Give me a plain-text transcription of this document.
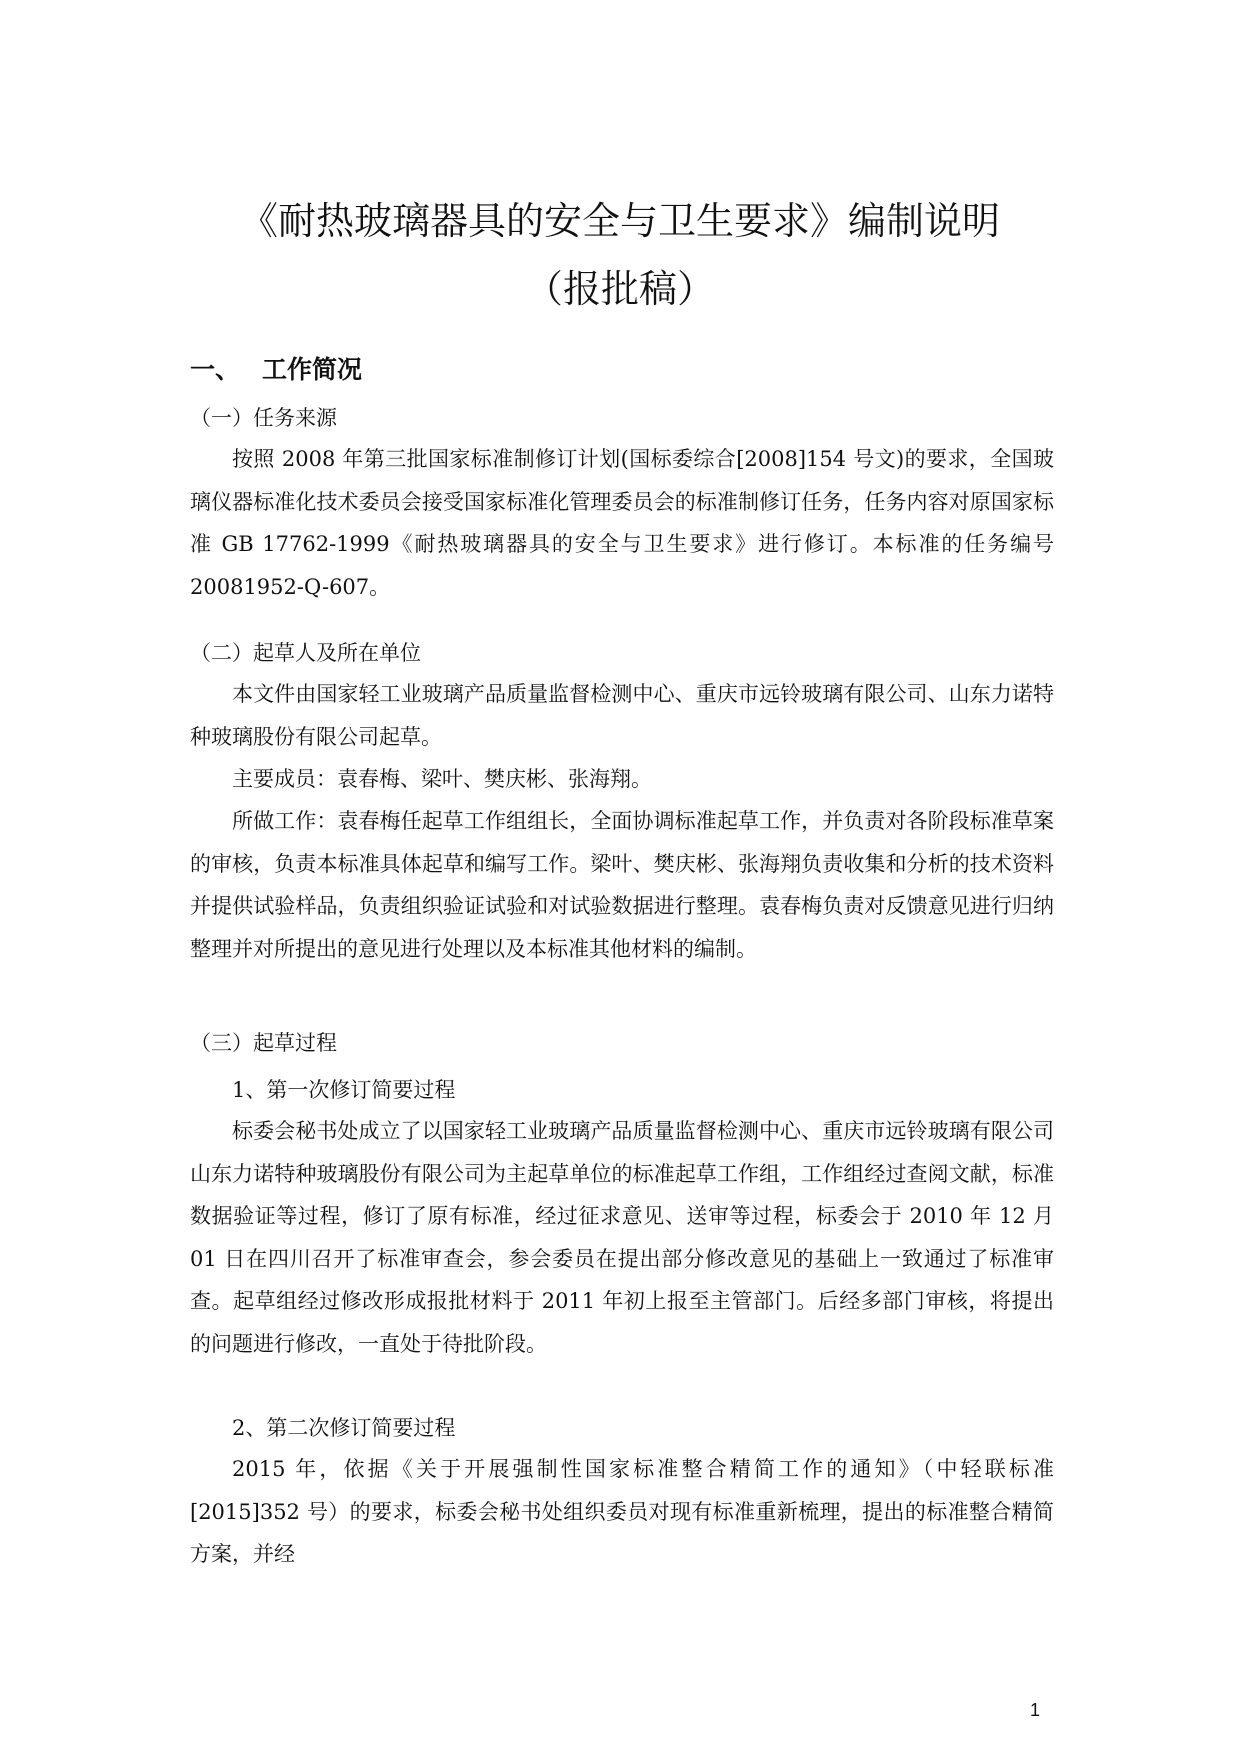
《耐热玻璃器具的安全与卫生要求》编制说明
（报批稿）
一、 工作简况
（一）任务来源

按照 2008 年第三批国家标准制修订计划(国标委综合[2008]154 号文)的要求，全国玻璃仪器标准化技术委员会接受国家标准化管理委员会的标准制修订任务，任务内容对原国家标准 GB 17762-1999《耐热玻璃器具的安全与卫生要求》进行修订。本标准的任务编号 20081952-Q-607。

（二）起草人及所在单位

本文件由国家轻工业玻璃产品质量监督检测中心、重庆市远铃玻璃有限公司、山东力诺特种玻璃股份有限公司起草。

主要成员：袁春梅、梁叶、樊庆彬、张海翔。

所做工作：袁春梅任起草工作组组长，全面协调标准起草工作，并负责对各阶段标准草案的审核，负责本标准具体起草和编写工作。梁叶、樊庆彬、张海翔负责收集和分析的技术资料并提供试验样品，负责组织验证试验和对试验数据进行整理。袁春梅负责对反馈意见进行归纳整理并对所提出的意见进行处理以及本标准其他材料的编制。

（三）起草过程
1、第一次修订简要过程

标委会秘书处成立了以国家轻工业玻璃产品质量监督检测中心、重庆市远铃玻璃有限公司山东力诺特种玻璃股份有限公司为主起草单位的标准起草工作组，工作组经过查阅文献，标准数据验证等过程，修订了原有标准，经过征求意见、送审等过程，标委会于 2010 年 12 月 01 日在四川召开了标准审查会，参会委员在提出部分修改意见的基础上一致通过了标准审查。起草组经过修改形成报批材料于 2011 年初上报至主管部门。后经多部门审核，将提出的问题进行修改，一直处于待批阶段。

2、第二次修订简要过程

2015 年，依据《关于开展强制性国家标准整合精简工作的通知》（中轻联标准[2015]352 号）的要求，标委会秘书处组织委员对现有标准重新梳理，提出的标准整合精简方案，并经

1
